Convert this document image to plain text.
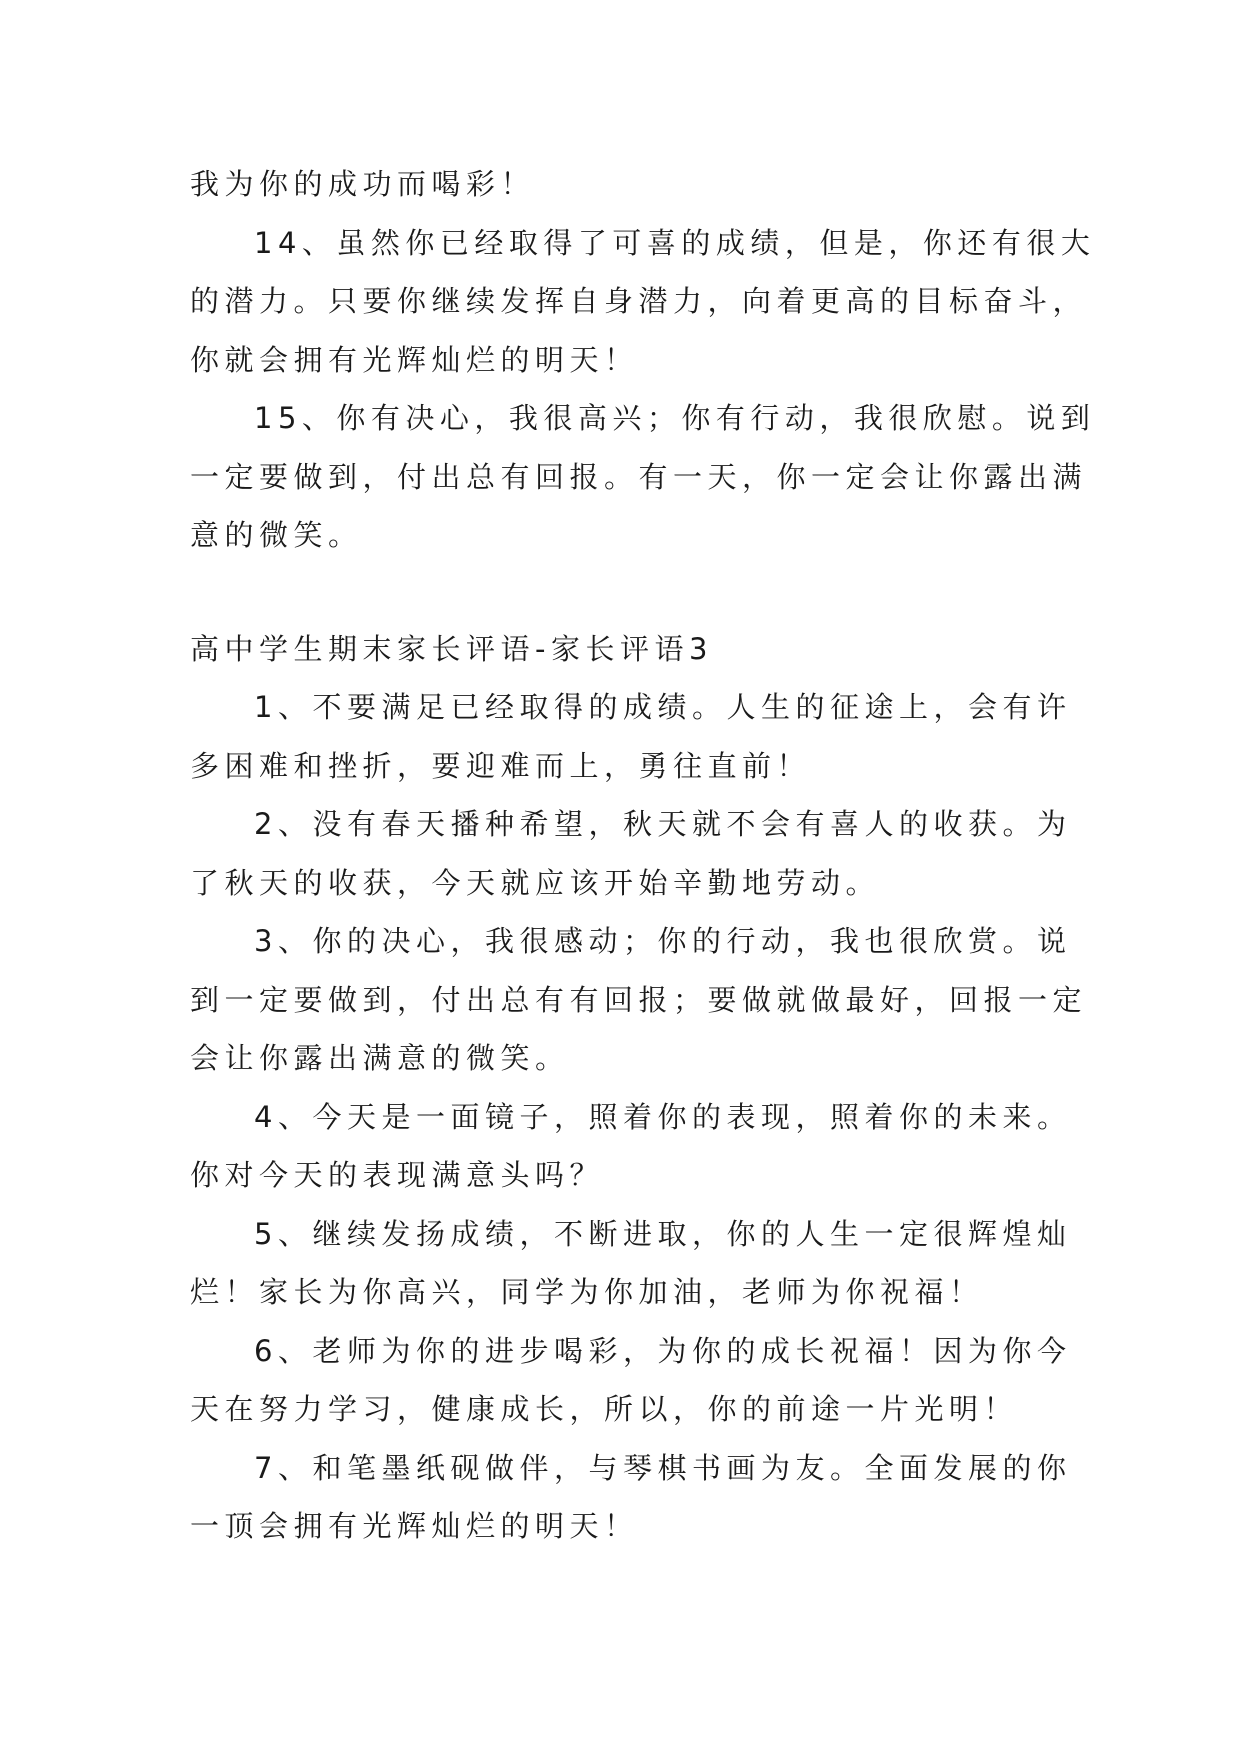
我为你的成功而喝彩！

14、虽然你已经取得了可喜的成绩，但是，你还有很大

的潜力。只要你继续发挥自身潜力，向着更高的目标奋斗，

你就会拥有光辉灿烂的明天！

15、你有决心，我很高兴；你有行动，我很欣慰。说到

一定要做到，付出总有回报。有一天，你一定会让你露出满

意的微笑。

高中学生期末家长评语-家长评语3

1、不要满足已经取得的成绩。人生的征途上，会有许

多困难和挫折，要迎难而上，勇往直前！

2、没有春天播种希望，秋天就不会有喜人的收获。为

了秋天的收获，今天就应该开始辛勤地劳动。

3、你的决心，我很感动；你的行动，我也很欣赏。说

到一定要做到，付出总有有回报；要做就做最好，回报一定

会让你露出满意的微笑。

4、今天是一面镜子，照着你的表现，照着你的未来。

你对今天的表现满意头吗？

5、继续发扬成绩，不断进取，你的人生一定很辉煌灿

烂！家长为你高兴，同学为你加油，老师为你祝福！

6、老师为你的进步喝彩，为你的成长祝福！因为你今

天在努力学习，健康成长，所以，你的前途一片光明！

7、和笔墨纸砚做伴，与琴棋书画为友。全面发展的你

一顶会拥有光辉灿烂的明天！
